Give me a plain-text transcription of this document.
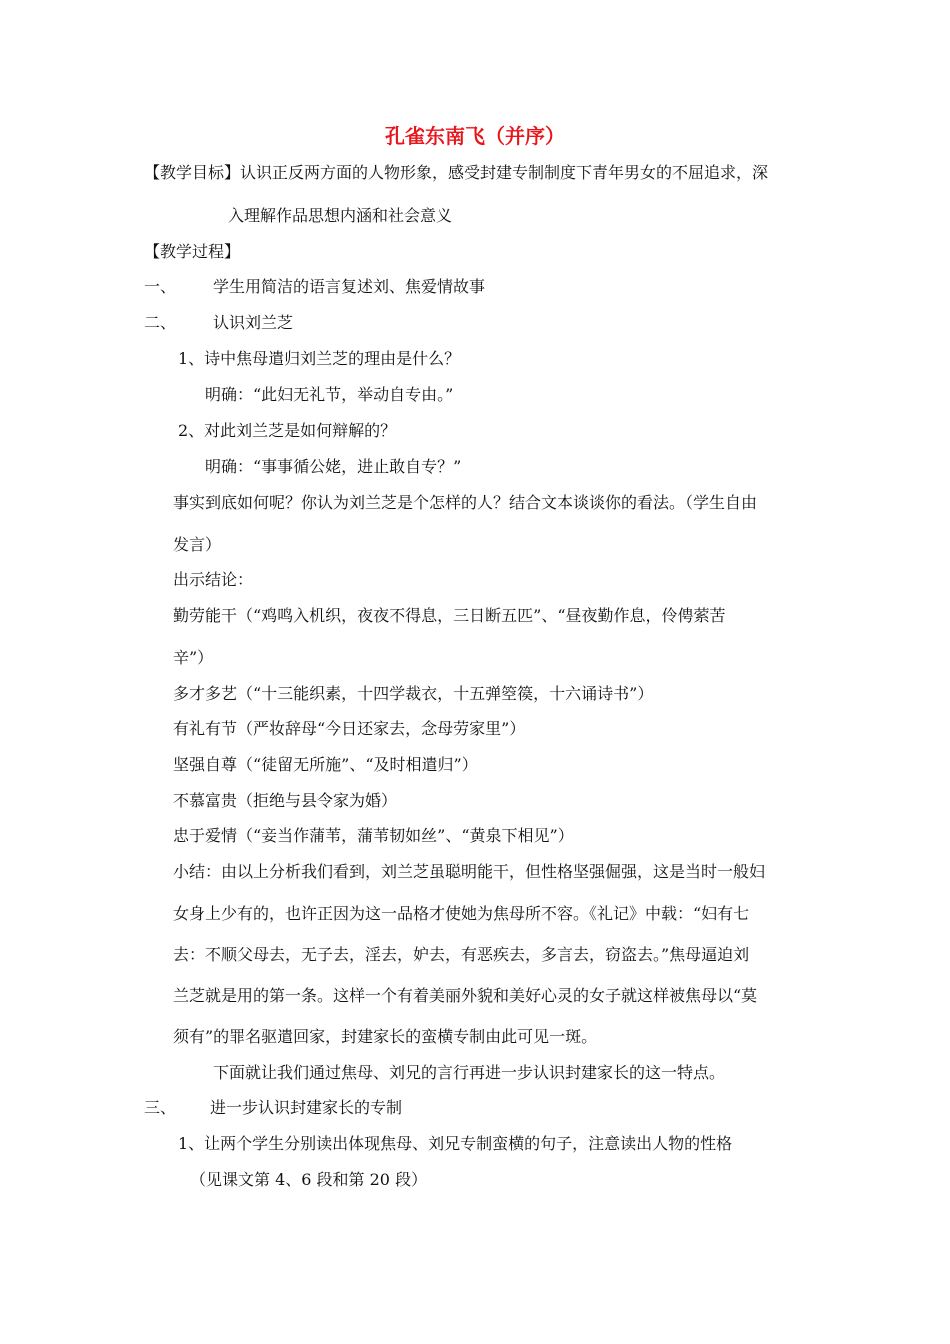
孔雀东南飞（并序）
【教学目标】认识正反两方面的人物形象，感受封建专制制度下青年男女的不屈追求，深
入理解作品思想内涵和社会意义
【教学过程】
一、 学生用简洁的语言复述刘、焦爱情故事
二、 认识刘兰芝
1、诗中焦母遣归刘兰芝的理由是什么？
明确：“此妇无礼节，举动自专由。”
2、对此刘兰芝是如何辩解的？
明确：“事事循公姥，进止敢自专？”
事实到底如何呢？你认为刘兰芝是个怎样的人？结合文本谈谈你的看法。（学生自由
发言）
出示结论：
勤劳能干（“鸡鸣入机织，夜夜不得息，三日断五匹”、“昼夜勤作息，伶俜萦苦
辛”）
多才多艺（“十三能织素，十四学裁衣，十五弹箜篌，十六诵诗书”）
有礼有节（严妆辞母“今日还家去，念母劳家里”）
坚强自尊（“徒留无所施”、“及时相遣归”）
不慕富贵（拒绝与县令家为婚）
忠于爱情（“妾当作蒲苇，蒲苇韧如丝”、“黄泉下相见”）
小结：由以上分析我们看到，刘兰芝虽聪明能干，但性格坚强倔强，这是当时一般妇
女身上少有的，也许正因为这一品格才使她为焦母所不容。《礼记》中载：“妇有七
去：不顺父母去，无子去，淫去，妒去，有恶疾去，多言去，窃盗去。”焦母逼迫刘
兰芝就是用的第一条。这样一个有着美丽外貌和美好心灵的女子就这样被焦母以“莫
须有”的罪名驱遣回家，封建家长的蛮横专制由此可见一斑。
下面就让我们通过焦母、刘兄的言行再进一步认识封建家长的这一特点。
三、 进一步认识封建家长的专制
1、让两个学生分别读出体现焦母、刘兄专制蛮横的句子，注意读出人物的性格
（见课文第 4、6 段和第 20 段）
